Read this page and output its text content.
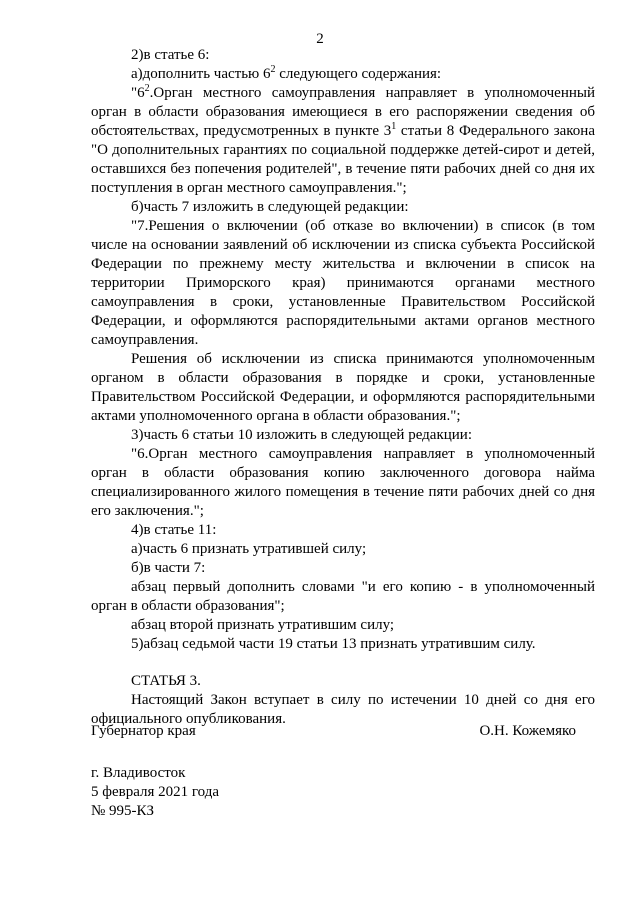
2

2)в статье 6:

а)дополнить частью $6^2$ следующего содержания:

"$6^2.Орган$ местного самоуправления направляет в уполномоченный орган в области образования имеющиеся в его распоряжении сведения об обстоятельствах, предусмотренных в пункте $3^1$ статьи 8 Федерального закона "О дополнительных гарантиях по социальной поддержке детей-сирот и детей, оставшихся без попечения родителей", в течение пяти рабочих дней со дня их поступления в орган местного самоуправления.";

б)часть 7 изложить в следующей редакции:

"7.Решения о включении (об отказе во включении) в список (в том числе на основании заявлений об исключении из списка субъекта Российской Федерации по прежнему месту жительства и включении в список на территории Приморского края) принимаются органами местного самоуправления в сроки, установленные Правительством Российской Федерации, и оформляются распорядительными актами органов местного самоуправления.

Решения об исключении из списка принимаются уполномоченным органом в области образования в порядке и сроки, установленные Правительством Российской Федерации, и оформляются распорядительными актами уполномоченного органа в области образования.";

3)часть 6 статьи 10 изложить в следующей редакции:

"6.Орган местного самоуправления направляет в уполномоченный орган в области образования копию заключенного договора найма специализированного жилого помещения в течение пяти рабочих дней со дня его заключения.";

4)в статье 11:

а)часть 6 признать утратившей силу;

б)в части 7:

абзац первый дополнить словами "и его копию - в уполномоченный орган в области образования";

абзац второй признать утратившим силу;

5)абзац седьмой части 19 статьи 13 признать утратившим силу.

СТАТЬЯ 3.

Настоящий Закон вступает в силу по истечении 10 дней со дня его официального опубликования.

Губернатор края	О.Н. Кожемяко
г. Владивосток
5 февраля 2021 года
№ 995-КЗ
